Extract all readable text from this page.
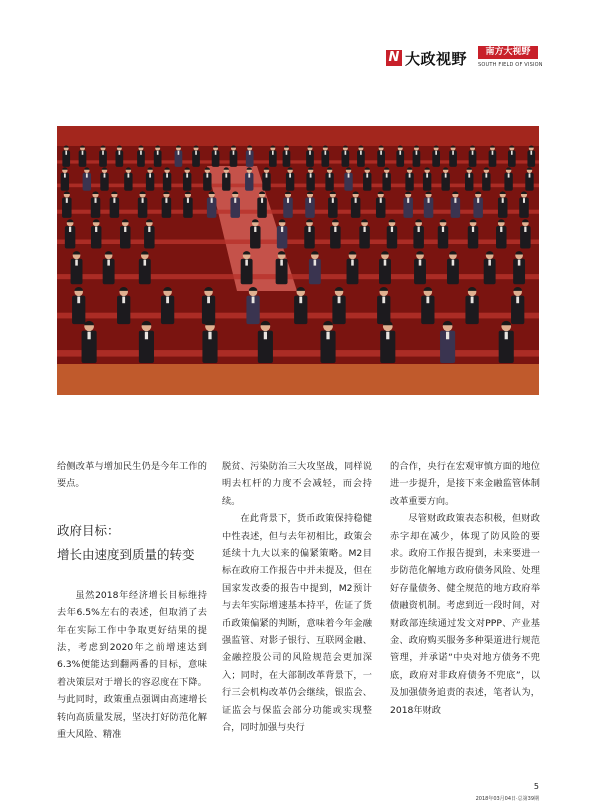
N 大政视野	南方大视野
SOUTH FIELD OF VISION

给侧改革与增加民生仍是今年工作的要点。

政府目标：
增长由速度到质量的转变

虽然2018年经济增长目标维持去年6.5%左右的表述，但取消了去年在实际工作中争取更好结果的提法，考虑到2020年之前增速达到6.3%便能达到翻两番的目标，意味着决策层对于增长的容忍度在下降。与此同时，政策重点强调由高速增长转向高质量发展，坚决打好防范化解重大风险、精准

脱贫、污染防治三大攻坚战，同样说明去杠杆的力度不会减轻，而会持续。

在此背景下，货币政策保持稳健中性表述，但与去年初相比，政策会延续十九大以来的偏紧策略。M2目标在政府工作报告中并未提及，但在国家发改委的报告中提到，M2预计与去年实际增速基本持平，佐证了货币政策偏紧的判断，意味着今年金融强监管、对影子银行、互联网金融、金融控股公司的风险规范会更加深入；同时，在大部制改革背景下，一行三会机构改革仍会继续，银监会、证监会与保监会部分功能或实现整合，同时加强与央行

的合作，央行在宏观审慎方面的地位进一步提升，是接下来金融监管体制改革重要方向。

尽管财政政策表态积极，但财政赤字却在减少，体现了防风险的要求。政府工作报告提到，未来要进一步防范化解地方政府债务风险、处理好存量债务、健全规范的地方政府举债融资机制。考虑到近一段时间，对财政部连续通过发文对PPP、产业基金、政府购买服务多种渠道进行规范管理，并承诺“中央对地方债务不兜底，政府对非政府债务不兜底”，以及加强债务追责的表述，笔者认为，2018年财政

5
2018年03月04日·总第39期
